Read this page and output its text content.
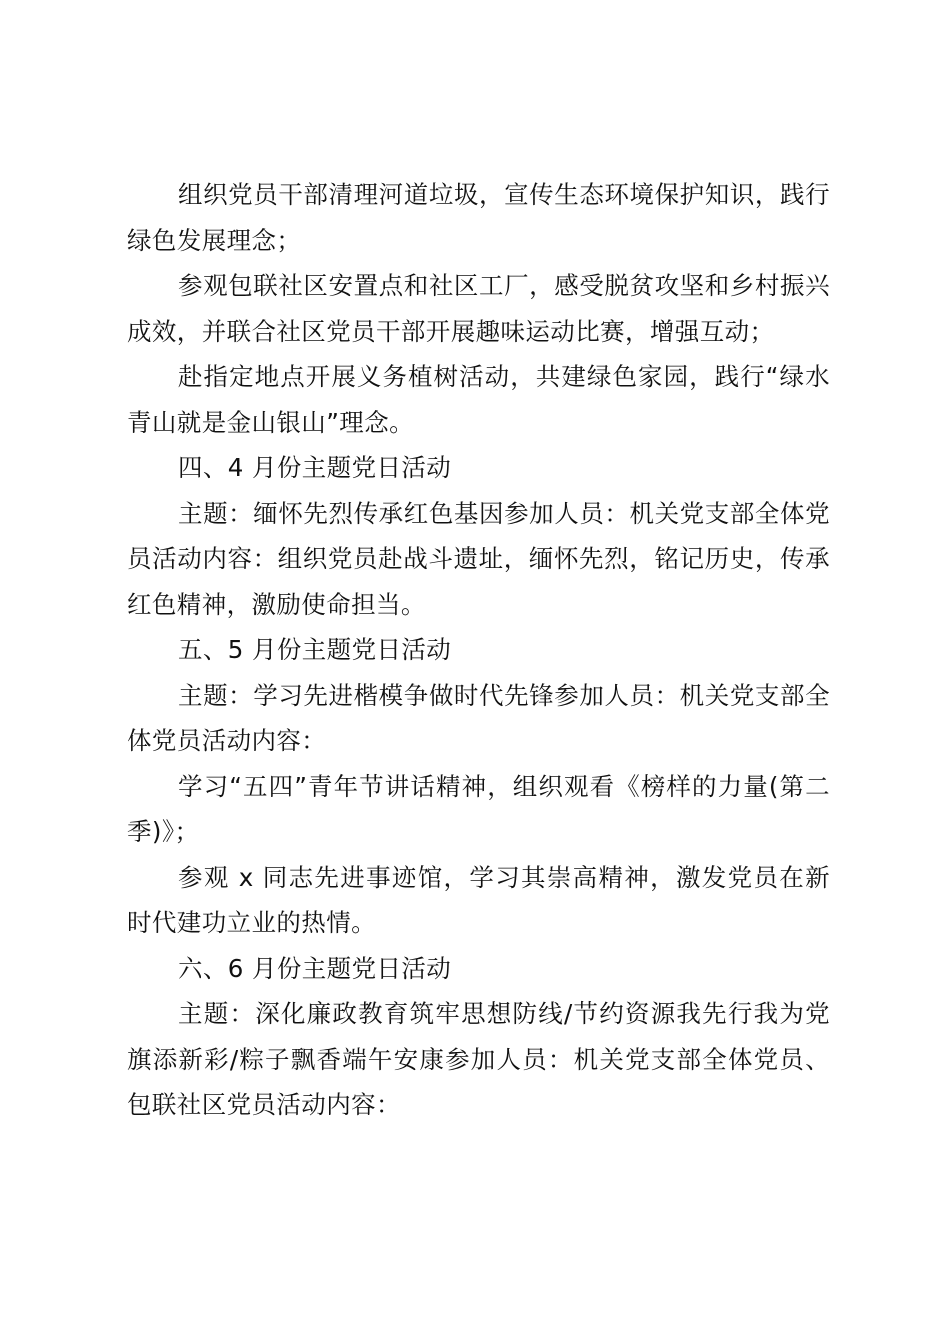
组织党员干部清理河道垃圾，宣传生态环境保护知识，践行绿色发展理念；

参观包联社区安置点和社区工厂，感受脱贫攻坚和乡村振兴成效，并联合社区党员干部开展趣味运动比赛，增强互动；

赴指定地点开展义务植树活动，共建绿色家园，践行“绿水青山就是金山银山”理念。

四、4 月份主题党日活动

主题：缅怀先烈传承红色基因参加人员：机关党支部全体党员活动内容：组织党员赴战斗遗址，缅怀先烈，铭记历史，传承红色精神，激励使命担当。

五、5 月份主题党日活动

主题：学习先进楷模争做时代先锋参加人员：机关党支部全体党员活动内容：

学习“五四”青年节讲话精神，组织观看《榜样的力量(第二季)》；

参观 x 同志先进事迹馆，学习其崇高精神，激发党员在新时代建功立业的热情。

六、6 月份主题党日活动

主题：深化廉政教育筑牢思想防线/节约资源我先行我为党旗添新彩/粽子飘香端午安康参加人员：机关党支部全体党员、包联社区党员活动内容：
